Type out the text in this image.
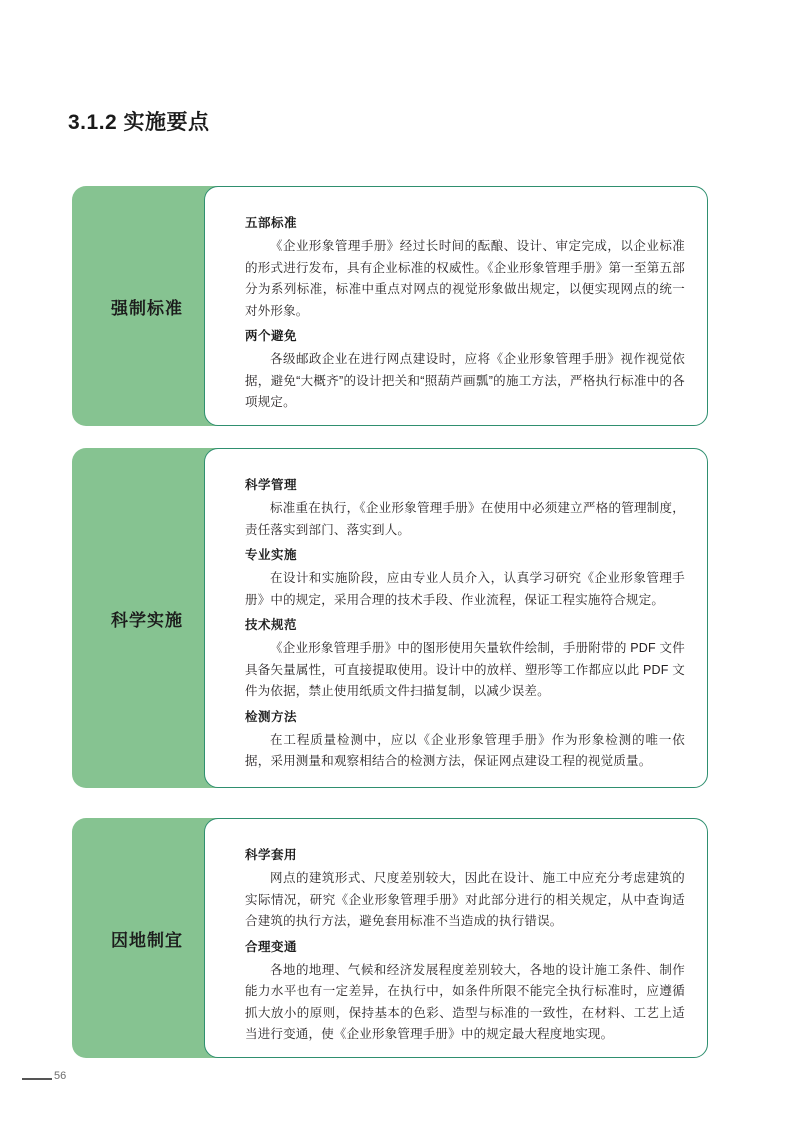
3.1.2 实施要点
强制标准
五部标准

《企业形象管理手册》经过长时间的酝酿、设计、审定完成，以企业标准的形式进行发布，具有企业标准的权威性。《企业形象管理手册》第一至第五部分为系列标准，标准中重点对网点的视觉形象做出规定，以便实现网点的统一对外形象。

两个避免

各级邮政企业在进行网点建设时，应将《企业形象管理手册》视作视觉依据，避免“大概齐”的设计把关和“照葫芦画瓢”的施工方法，严格执行标准中的各项规定。

科学实施
科学管理

标准重在执行，《企业形象管理手册》在使用中必须建立严格的管理制度，责任落实到部门、落实到人。

专业实施

在设计和实施阶段，应由专业人员介入，认真学习研究《企业形象管理手册》中的规定，采用合理的技术手段、作业流程，保证工程实施符合规定。

技术规范

《企业形象管理手册》中的图形使用矢量软件绘制，手册附带的 PDF 文件具备矢量属性，可直接提取使用。设计中的放样、塑形等工作都应以此 PDF 文件为依据，禁止使用纸质文件扫描复制，以减少误差。

检测方法

在工程质量检测中，应以《企业形象管理手册》作为形象检测的唯一依据，采用测量和观察相结合的检测方法，保证网点建设工程的视觉质量。

因地制宜
科学套用

网点的建筑形式、尺度差别较大，因此在设计、施工中应充分考虑建筑的实际情况，研究《企业形象管理手册》对此部分进行的相关规定，从中查询适合建筑的执行方法，避免套用标准不当造成的执行错误。

合理变通

各地的地理、气候和经济发展程度差别较大，各地的设计施工条件、制作能力水平也有一定差异，在执行中，如条件所限不能完全执行标准时，应遵循抓大放小的原则，保持基本的色彩、造型与标准的一致性，在材料、工艺上适当进行变通，使《企业形象管理手册》中的规定最大程度地实现。

56
